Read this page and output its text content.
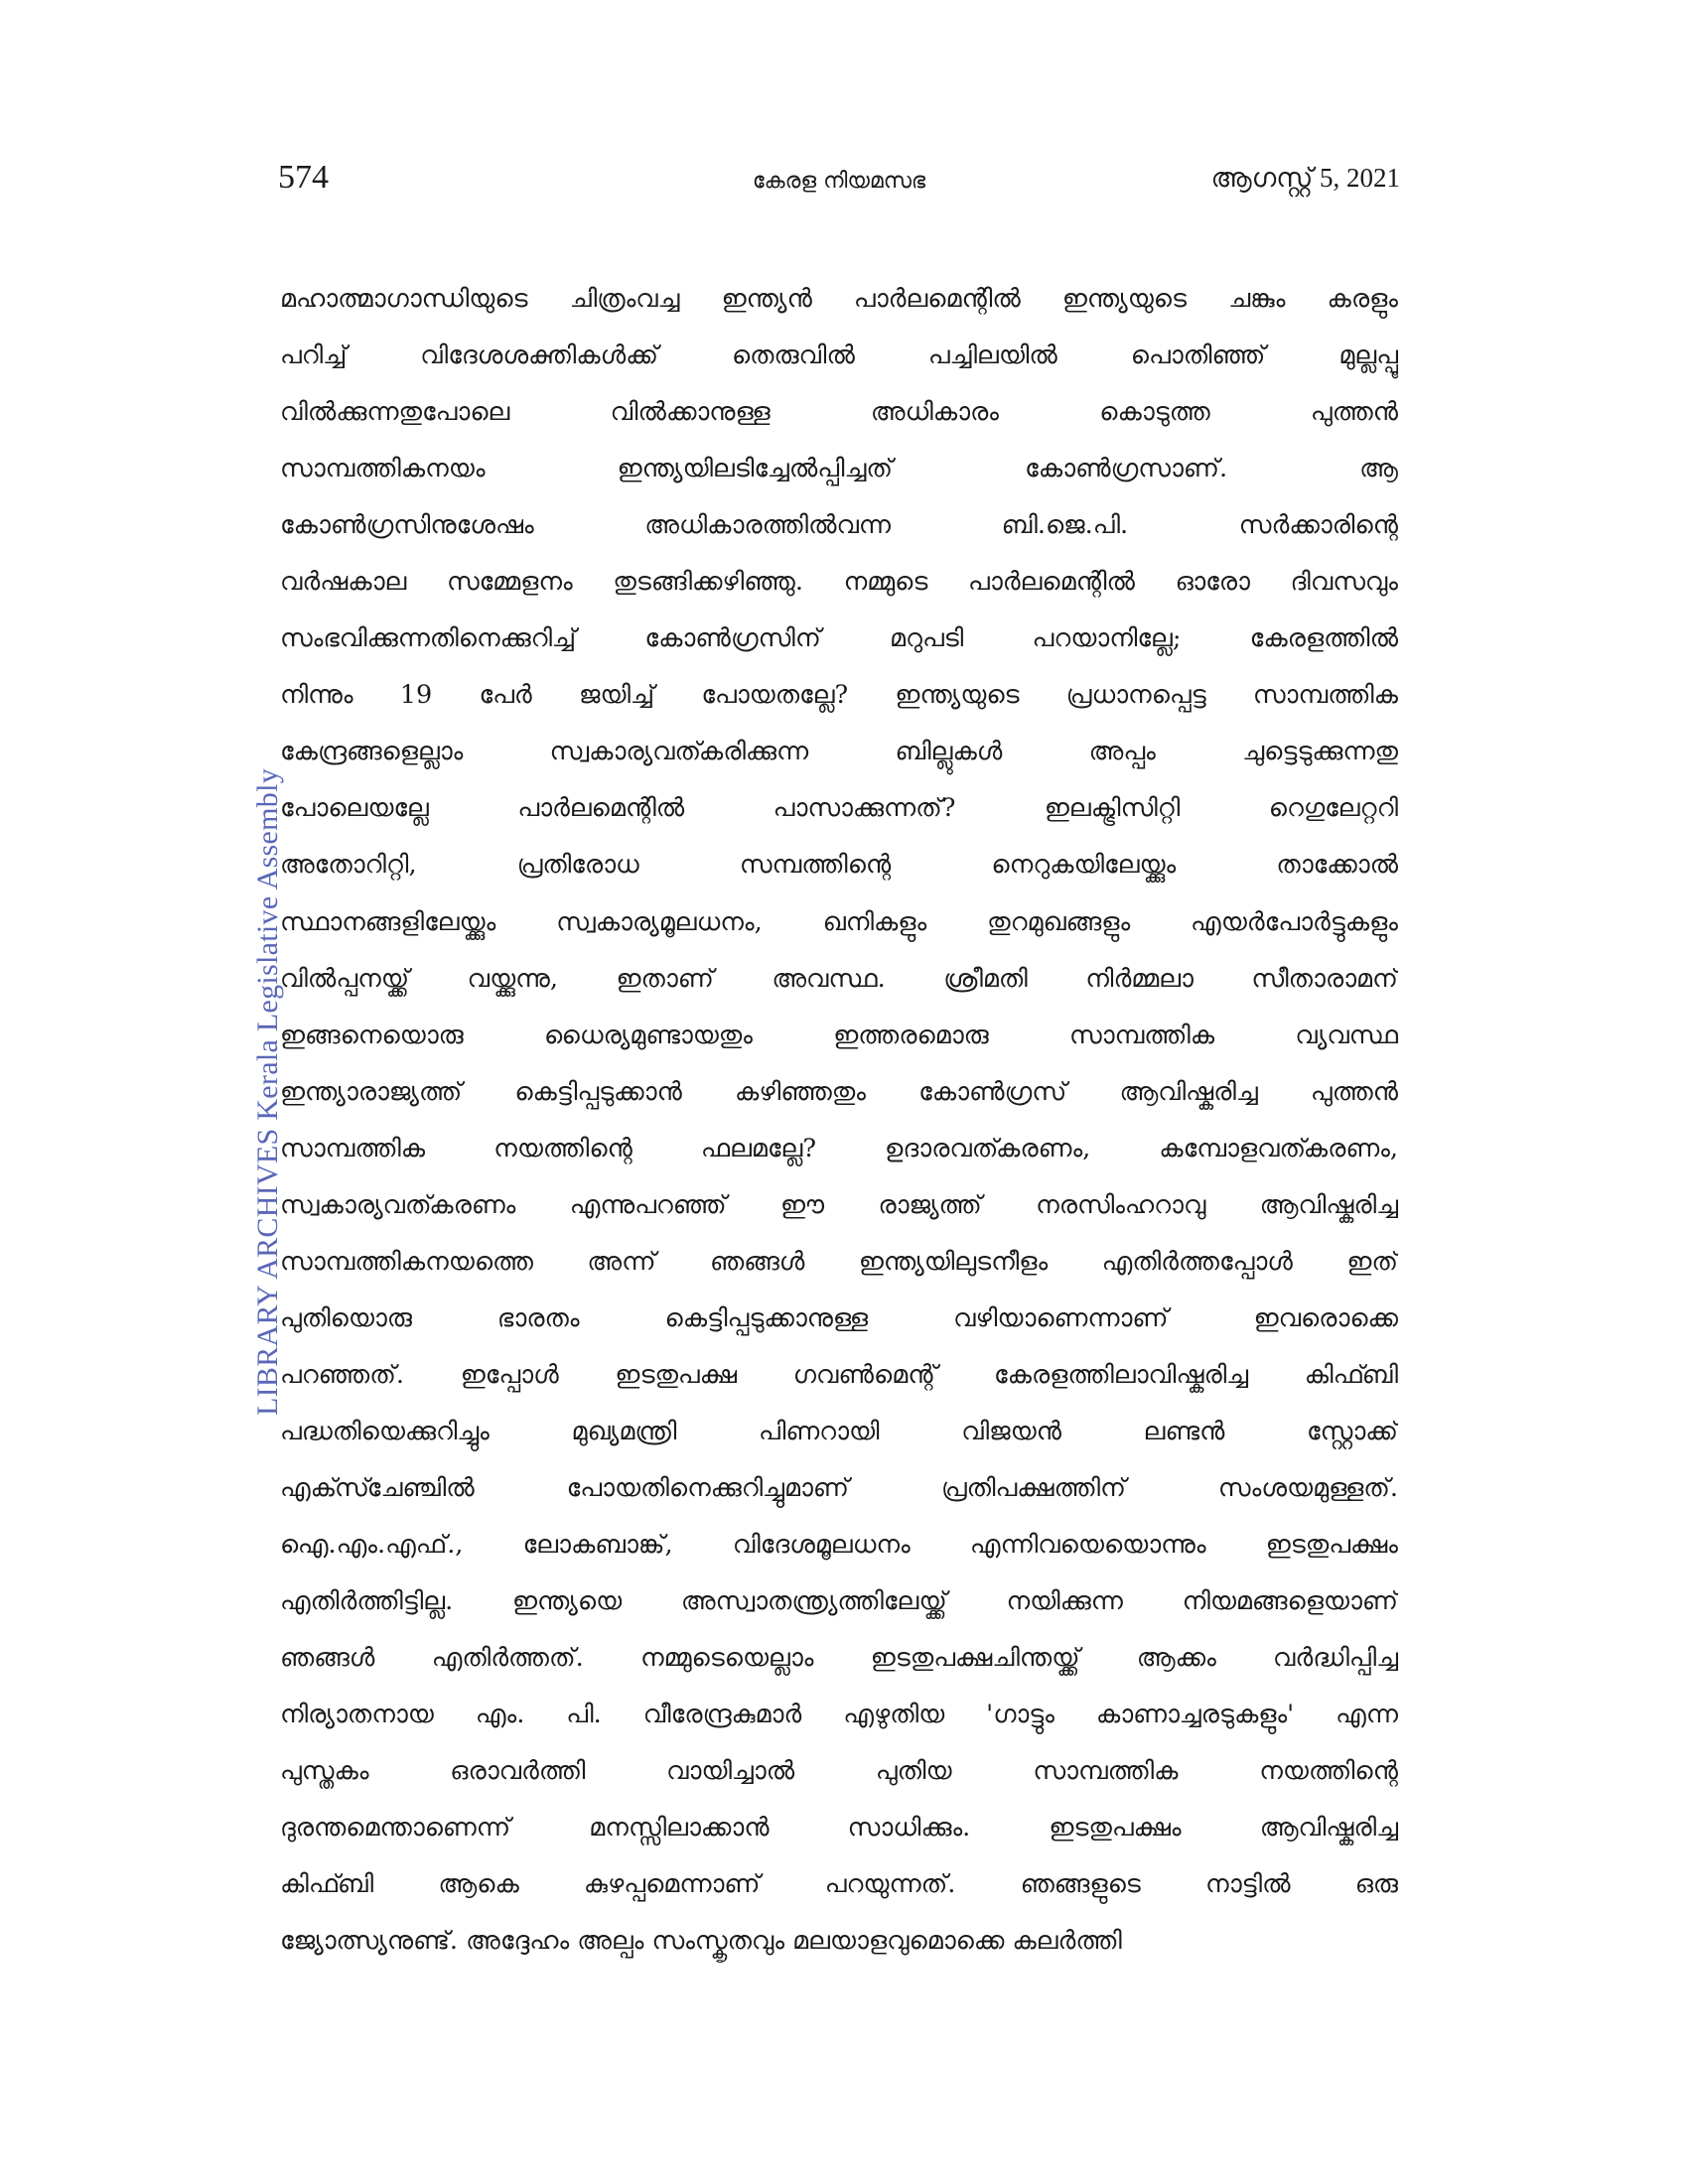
574	കേരള നിയമസഭ	ആഗസ്റ്റ് 5, 2021
LIBRARY ARCHIVES Kerala Legislative Assembly
മഹാത്മാഗാന്ധിയുടെ ചിത്രംവച്ച ഇന്ത്യൻ പാർലമെന്റിൽ ഇന്ത്യയുടെ ചങ്കും കരളും
പറിച്ച് വിദേശശക്തികൾക്ക് തെരുവിൽ പച്ചിലയിൽ പൊതിഞ്ഞ് മുല്ലപ്പൂ
വിൽക്കുന്നതുപോലെ വിൽക്കാനുള്ള അധികാരം കൊടുത്ത പുത്തൻ
സാമ്പത്തികനയം ഇന്ത്യയിലടിച്ചേൽപ്പിച്ചത് കോൺഗ്രസാണ്. ആ
കോൺഗ്രസിനുശേഷം അധികാരത്തിൽവന്ന ബി.ജെ.പി. സർക്കാരിന്റെ
വർഷകാല സമ്മേളനം തുടങ്ങിക്കഴിഞ്ഞു. നമ്മുടെ പാർലമെന്റിൽ ഓരോ ദിവസവും
സംഭവിക്കുന്നതിനെക്കുറിച്ച് കോൺഗ്രസിന് മറുപടി പറയാനില്ലേ; കേരളത്തിൽ
നിന്നും 19 പേർ ജയിച്ച് പോയതല്ലേ? ഇന്ത്യയുടെ പ്രധാനപ്പെട്ട സാമ്പത്തിക
കേന്ദ്രങ്ങളെല്ലാം സ്വകാര്യവത്കരിക്കുന്ന ബില്ലുകൾ അപ്പം ചുട്ടെടുക്കുന്നതു
പോലെയല്ലേ പാർലമെന്റിൽ പാസാക്കുന്നത്? ഇലക്ട്രിസിറ്റി റെഗുലേറ്ററി
അതോറിറ്റി, പ്രതിരോധ സമ്പത്തിന്റെ നെറുകയിലേയ്ക്കും താക്കോൽ
സ്ഥാനങ്ങളിലേയ്ക്കും സ്വകാര്യമൂലധനം, ഖനികളും തുറമുഖങ്ങളും എയർപോർട്ടുകളും
വിൽപ്പനയ്ക്ക് വയ്ക്കുന്നു, ഇതാണ് അവസ്ഥ. ശ്രീമതി നിർമ്മലാ സീതാരാമന്
ഇങ്ങനെയൊരു ധൈര്യമുണ്ടായതും ഇത്തരമൊരു സാമ്പത്തിക വ്യവസ്ഥ
ഇന്ത്യാരാജ്യത്ത് കെട്ടിപ്പടുക്കാൻ കഴിഞ്ഞതും കോൺഗ്രസ് ആവിഷ്കരിച്ച പുത്തൻ
സാമ്പത്തിക നയത്തിന്റെ ഫലമല്ലേ? ഉദാരവത്കരണം, കമ്പോളവത്കരണം,
സ്വകാര്യവത്കരണം എന്നുപറഞ്ഞ് ഈ രാജ്യത്ത് നരസിംഹറാവു ആവിഷ്കരിച്ച
സാമ്പത്തികനയത്തെ അന്ന് ഞങ്ങൾ ഇന്ത്യയിലുടനീളം എതിർത്തപ്പോൾ ഇത്
പുതിയൊരു ഭാരതം കെട്ടിപ്പടുക്കാനുള്ള വഴിയാണെന്നാണ് ഇവരൊക്കെ
പറഞ്ഞത്. ഇപ്പോൾ ഇടതുപക്ഷ ഗവൺമെന്റ് കേരളത്തിലാവിഷ്കരിച്ച കിഫ്ബി
പദ്ധതിയെക്കുറിച്ചും മുഖ്യമന്ത്രി പിണറായി വിജയൻ ലണ്ടൻ സ്റ്റോക്ക്
എക്സ്ചേഞ്ചിൽ പോയതിനെക്കുറിച്ചുമാണ് പ്രതിപക്ഷത്തിന് സംശയമുള്ളത്.
ഐ.എം.എഫ്., ലോകബാങ്ക്, വിദേശമൂലധനം എന്നിവയെയൊന്നും ഇടതുപക്ഷം
എതിർത്തിട്ടില്ല. ഇന്ത്യയെ അസ്വാതന്ത്ര്യത്തിലേയ്ക്ക് നയിക്കുന്ന നിയമങ്ങളെയാണ്
ഞങ്ങൾ എതിർത്തത്. നമ്മുടെയെല്ലാം ഇടതുപക്ഷചിന്തയ്ക്ക് ആക്കം വർദ്ധിപ്പിച്ച
നിര്യാതനായ എം. പി. വീരേന്ദ്രകുമാർ എഴുതിയ 'ഗാട്ടും കാണാച്ചരടുകളും' എന്ന
പുസ്തകം ഒരാവർത്തി വായിച്ചാൽ പുതിയ സാമ്പത്തിക നയത്തിന്റെ
ദുരന്തമെന്താണെന്ന് മനസ്സിലാക്കാൻ സാധിക്കും. ഇടതുപക്ഷം ആവിഷ്കരിച്ച
കിഫ്ബി ആകെ കുഴപ്പമെന്നാണ് പറയുന്നത്. ഞങ്ങളുടെ നാട്ടിൽ ഒരു
ജ്യോത്സ്യനുണ്ട്. അദ്ദേഹം അല്പം സംസ്കൃതവും മലയാളവുമൊക്കെ കലർത്തി
